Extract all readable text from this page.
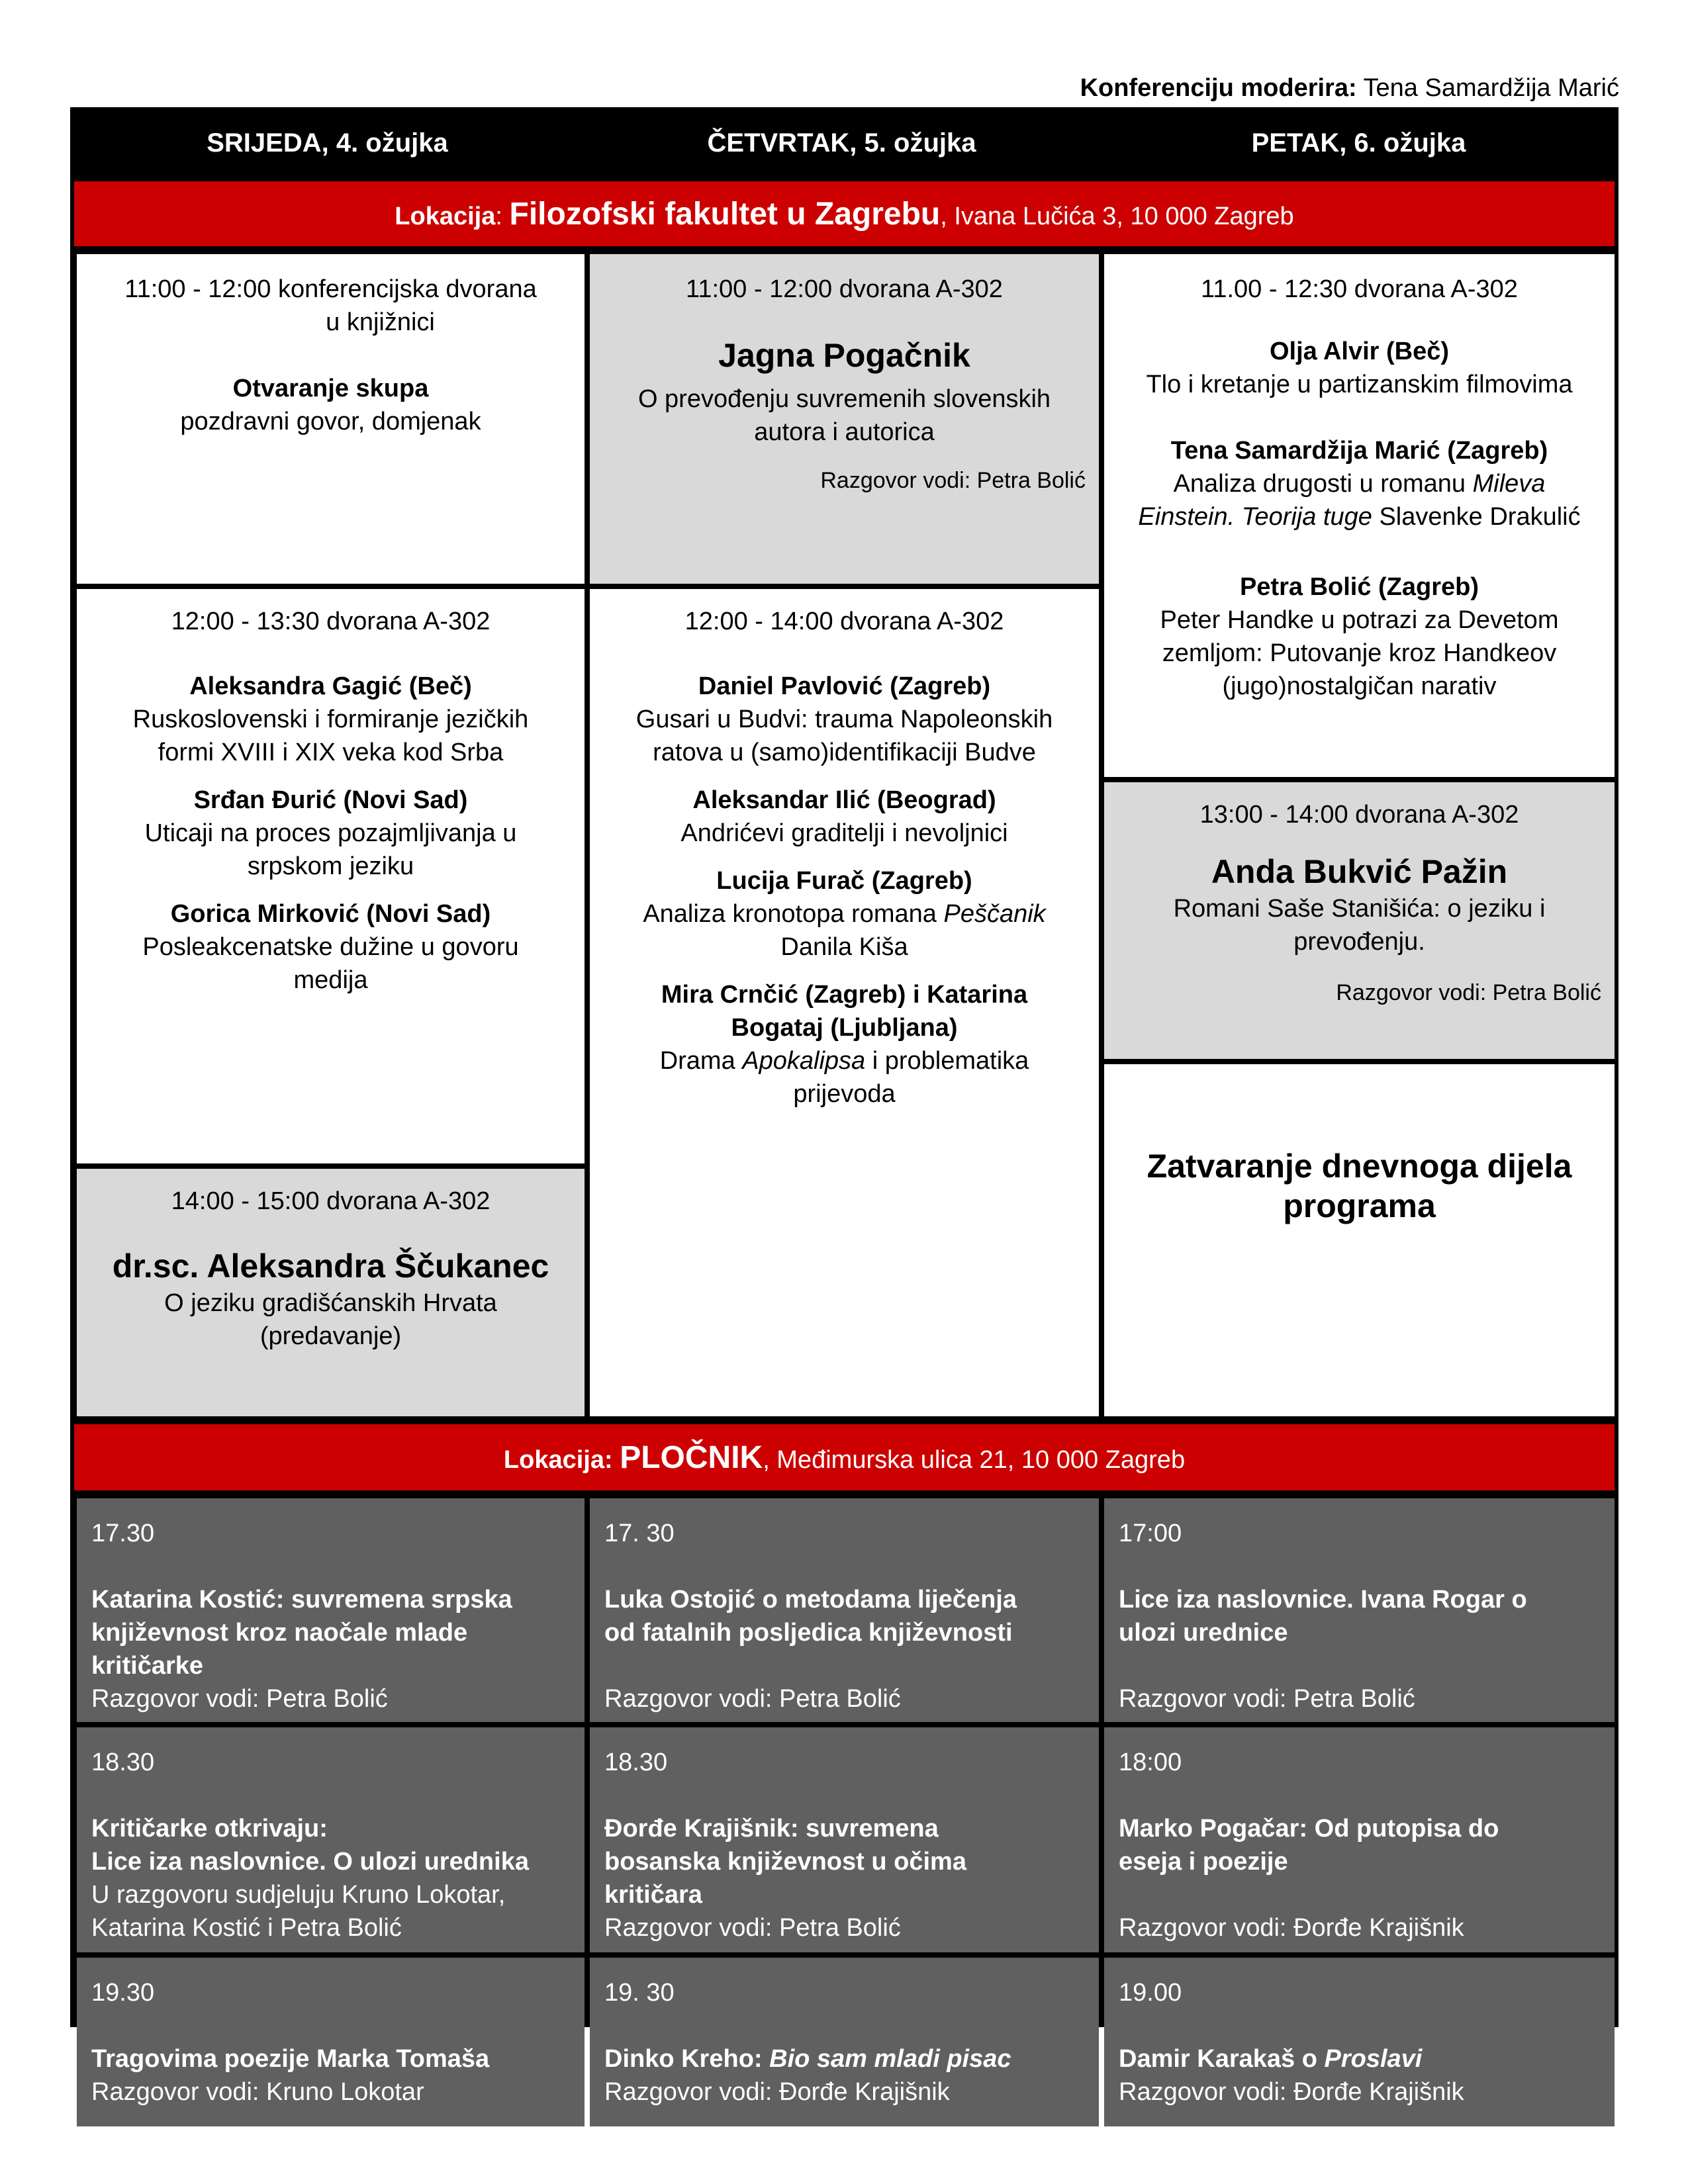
Konferenciju moderira: Tena Samardžija Marić
SRIJEDA, 4. ožujka	ČETVRTAK, 5. ožujka	PETAK, 6. ožujka
Lokacija: Filozofski fakultet u Zagrebu, Ivana Lučića 3, 10 000 Zagreb
11:00 - 12:00 konferencijska dvorana
u knjižnici

Otvaranje skupa

pozdravni govor, domjenak

11:00 - 12:00 dvorana A-302
Jagna Pogačnik

O prevođenju suvremenih slovenskih

autora i autorica

Razgovor vodi: Petra Bolić
11.00 - 12:30 dvorana A-302

Olja Alvir (Beč)

Tlo i kretanje u partizanskim filmovima

Tena Samardžija Marić (Zagreb)

Analiza drugosti u romanu Mileva

Einstein. Teorija tuge Slavenke Drakulić

Petra Bolić (Zagreb)

Peter Handke u potrazi za Devetom

zemljom: Putovanje kroz Handkeov

(jugo)nostalgičan narativ

12:00 - 13:30 dvorana A-302

Aleksandra Gagić (Beč)

Ruskoslovenski i formiranje jezičkih

formi XVIII i XIX veka kod Srba

Srđan Đurić (Novi Sad)

Uticaji na proces pozajmljivanja u

srpskom jeziku

Gorica Mirković (Novi Sad)

Posleakcenatske dužine u govoru

medija

12:00 - 14:00 dvorana A-302

Daniel Pavlović (Zagreb)

Gusari u Budvi: trauma Napoleonskih

ratova u (samo)identifikaciji Budve

Aleksandar Ilić (Beograd)

Andrićevi graditelji i nevoljnici

Lucija Furač (Zagreb)

Analiza kronotopa romana Peščanik

Danila Kiša

Mira Crnčić (Zagreb) i Katarina

Bogataj (Ljubljana)

Drama Apokalipsa i problematika

prijevoda

13:00 - 14:00 dvorana A-302
Anda Bukvić Pažin

Romani Saše Stanišića: o jeziku i

prevođenju.

Razgovor vodi: Petra Bolić
14:00 - 15:00 dvorana A-302
dr.sc. Aleksandra Ščukanec

O jeziku gradišćanskih Hrvata

(predavanje)

Zatvaranje dnevnoga dijela
programa
Lokacija: PLOČNIK, Međimurska ulica 21, 10 000 Zagreb

17.30

Katarina Kostić: suvremena srpska

književnost kroz naočale mlade

kritičarke

Razgovor vodi: Petra Bolić

17. 30

Luka Ostojić o metodama liječenja

od fatalnih posljedica književnosti

Razgovor vodi: Petra Bolić

17:00

Lice iza naslovnice. Ivana Rogar o

ulozi urednice

Razgovor vodi: Petra Bolić

18.30

Kritičarke otkrivaju:

Lice iza naslovnice. O ulozi urednika

U razgovoru sudjeluju Kruno Lokotar,

Katarina Kostić i Petra Bolić

18.30

Đorđe Krajišnik: suvremena

bosanska književnost u očima

kritičara

Razgovor vodi: Petra Bolić

18:00

Marko Pogačar: Od putopisa do

eseja i poezije

Razgovor vodi: Đorđe Krajišnik

19.30

Tragovima poezije Marka Tomaša

Razgovor vodi: Kruno Lokotar

19. 30

Dinko Kreho: Bio sam mladi pisac

Razgovor vodi: Đorđe Krajišnik

19.00

Damir Karakaš o Proslavi

Razgovor vodi: Đorđe Krajišnik
